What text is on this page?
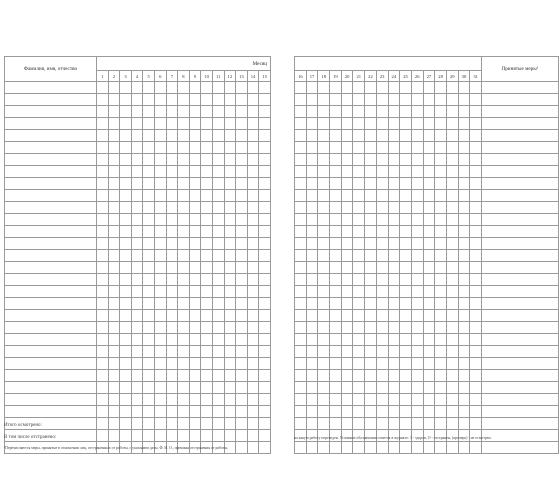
Фамилия, имя, отчество	Месяц														
	1	2	3	4	5	6	7	8	9	10	11	12	13	14	15

Итого осмотрено:
В том числе отстранено:
¹Перечисляются меры, принятые в отношении лиц, отстраненных от работы, с указанием даты, Ф. И. О., причины отстранения от работы,
																Принятые меры¹
16	17	18	19	20	21	22	23	24	25	26	27	28	29	30	31	

на какую работу переведен. Условные обозначения отметок в журнале: З - здоров, О - отстранен, (прочерк) - не осмотрен.
